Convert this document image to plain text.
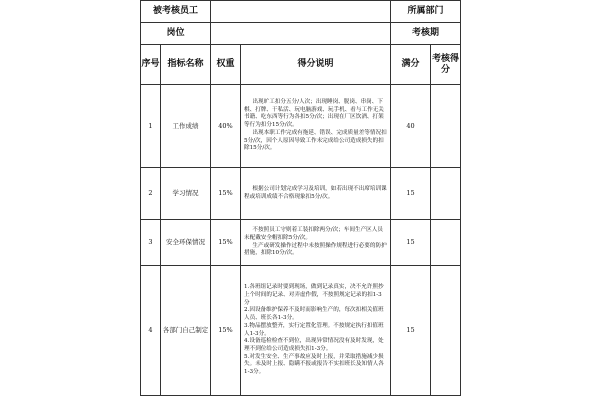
被考核员工				所属部门	
岗位				考核期	
序号	指标名称	权重	得分说明	满分	考核得分
1	工作成绩	40%	出现旷工扣分五分/人次；出现睡岗、脱岗、串岗、下棋、打牌、干私活、玩电脑游戏、玩手机、看与工作无关书籍、吃东西等行为各扣5分/次；出现在厂区饮酒、打架等行为扣分15分/次。
出现本职工作完成有拖延、错误、完成质量差等情况扣5分/次，因个人原因导致工作未完成给公司造成损失的扣除15分/次。	40	
2	学习情况	15%	根据公司计划完成学习及培训，如若出现不出席培训课程或培训成绩不合格现象扣5分/次。	15	
3	安全环保情况	15%	不按照员工守则着工装扣除两分/次；车间生产区人员未配戴安全帽扣除5分/次。
生产或研发操作过程中未按照操作规程进行必要的防护措施，扣除10分/次。	15	
4	各部门自己制定	15%	1.各班组记录时要到现场，做到记录真实，决不允许照抄上个时间的记录、对弄虚作假，不按照规定记录的扣1-3分
2.因设备维护保养不及时而影响生产的，每次扣相关值班人员、班长各1-3分。
3.物品摆放整齐，实行定置化管理。不按规定执行扣值班人1-3分。
4.设备巡检检查不到位，出现异常情况没有及时发现，处理不到位给公司造成损失扣1-3分。
5.对发生安全、生产事故应及时上报，并采取措施减少损失。未及时上报、隐瞒不报或报告不实扣班长及知情人各1-3分。	15	
